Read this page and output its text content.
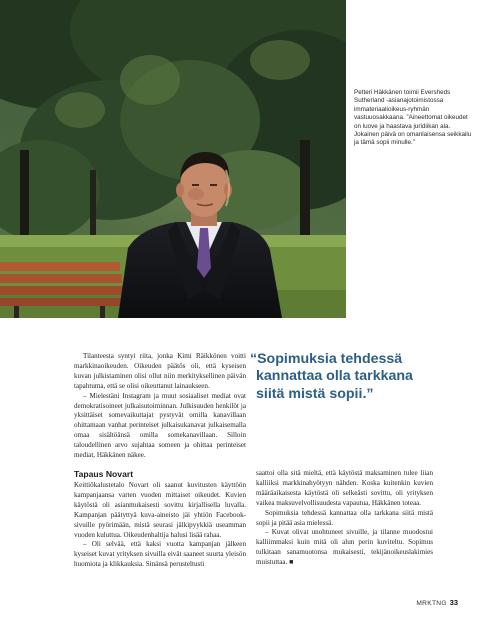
Petteri Häkkänen toimii Eversheds Sutherland -asianajotoimistossa immateriaalioikeus-ryhmän vastuuosakkaana. ”Aineettomat oikeudet on luove ja haastava juridiikan ala. Jokainen päivä on omanlaisensa seikkailu ja tämä sopii minulle.”

Tilanteesta syntyi riita, jonka Kimi Räikkönen voitti markkinaoikeuden. Oikeuden päätös oli, että kyseisen kuvan julkistaminen olisi ollut niin merkityksellinen päivän tapahtuma, että se olisi oikeuttanut lainaukseen.

– Mielestäni Instagram ja muut sosiaaliset mediat ovat demokratisoineet julkaisutoiminnan. Julkisuuden henkilöt ja yksittäiset somevaikuttajat pystyvät omilla kanavillaan ohittamaan vanhat perinteiset julkaisukanavat julkaisemalla omaa sisältöänsä omilla somekanavillaan. Silloin taloudellinen arvo sujahtaa someen ja ohittaa perinteiset mediat, Häkkänen näkee.

“Sopimuksia tehdessä
kannattaa olla tarkkana
siitä mistä sopii.”

Tapaus Novart

Keittiökalustetalo Novart oli saanut kuvitusten käyttöön kampanjaansa varten vuoden mittaiset oikeudet. Kuvien käytöstä oli asianmukaisesti sovittu kirjallisella luvalla. Kampanjan päätyttyä kuva-aineisto jäi yhtiön Facebook-sivuille pyörimään, mistä seurasi jälkipyykkiä useamman vuoden kuluttua. Oikeudenhaltija halusi lisää rahaa.

– Oli selvää, että kaksi vuotta kampanjan jälkeen kyseiset kuvat yrityksen sivuilla eivät saaneet suurta yleisön huomiota ja klikkauksia. Sinänsä perusteltusti

saattoi olla sitä mieltä, että käytöstä maksaminen tulee liian kalliiksi markkinahyötyyn nähden. Koska kuitenkin kuvien määräaikaisesta käytöstä oli selkeästi sovittu, oli yrityksen vaikea maksuvelvollisuudesta vapautua, Häkkänen toteaa.

Sopimuksia tehdessä kannattaa olla tarkkana siitä mistä sopii ja pitää asia mielessä.

– Kuvat olivat unohtuneet sivuille, ja tilanne muodostui kalliimmaksi kuin mitä oli alun perin kuviteltu. Sopimus tulkitaan sanamuotonsa mukaisesti, tekijänoikeuslakimies muistuttaa. ■

MRKTNG 33
